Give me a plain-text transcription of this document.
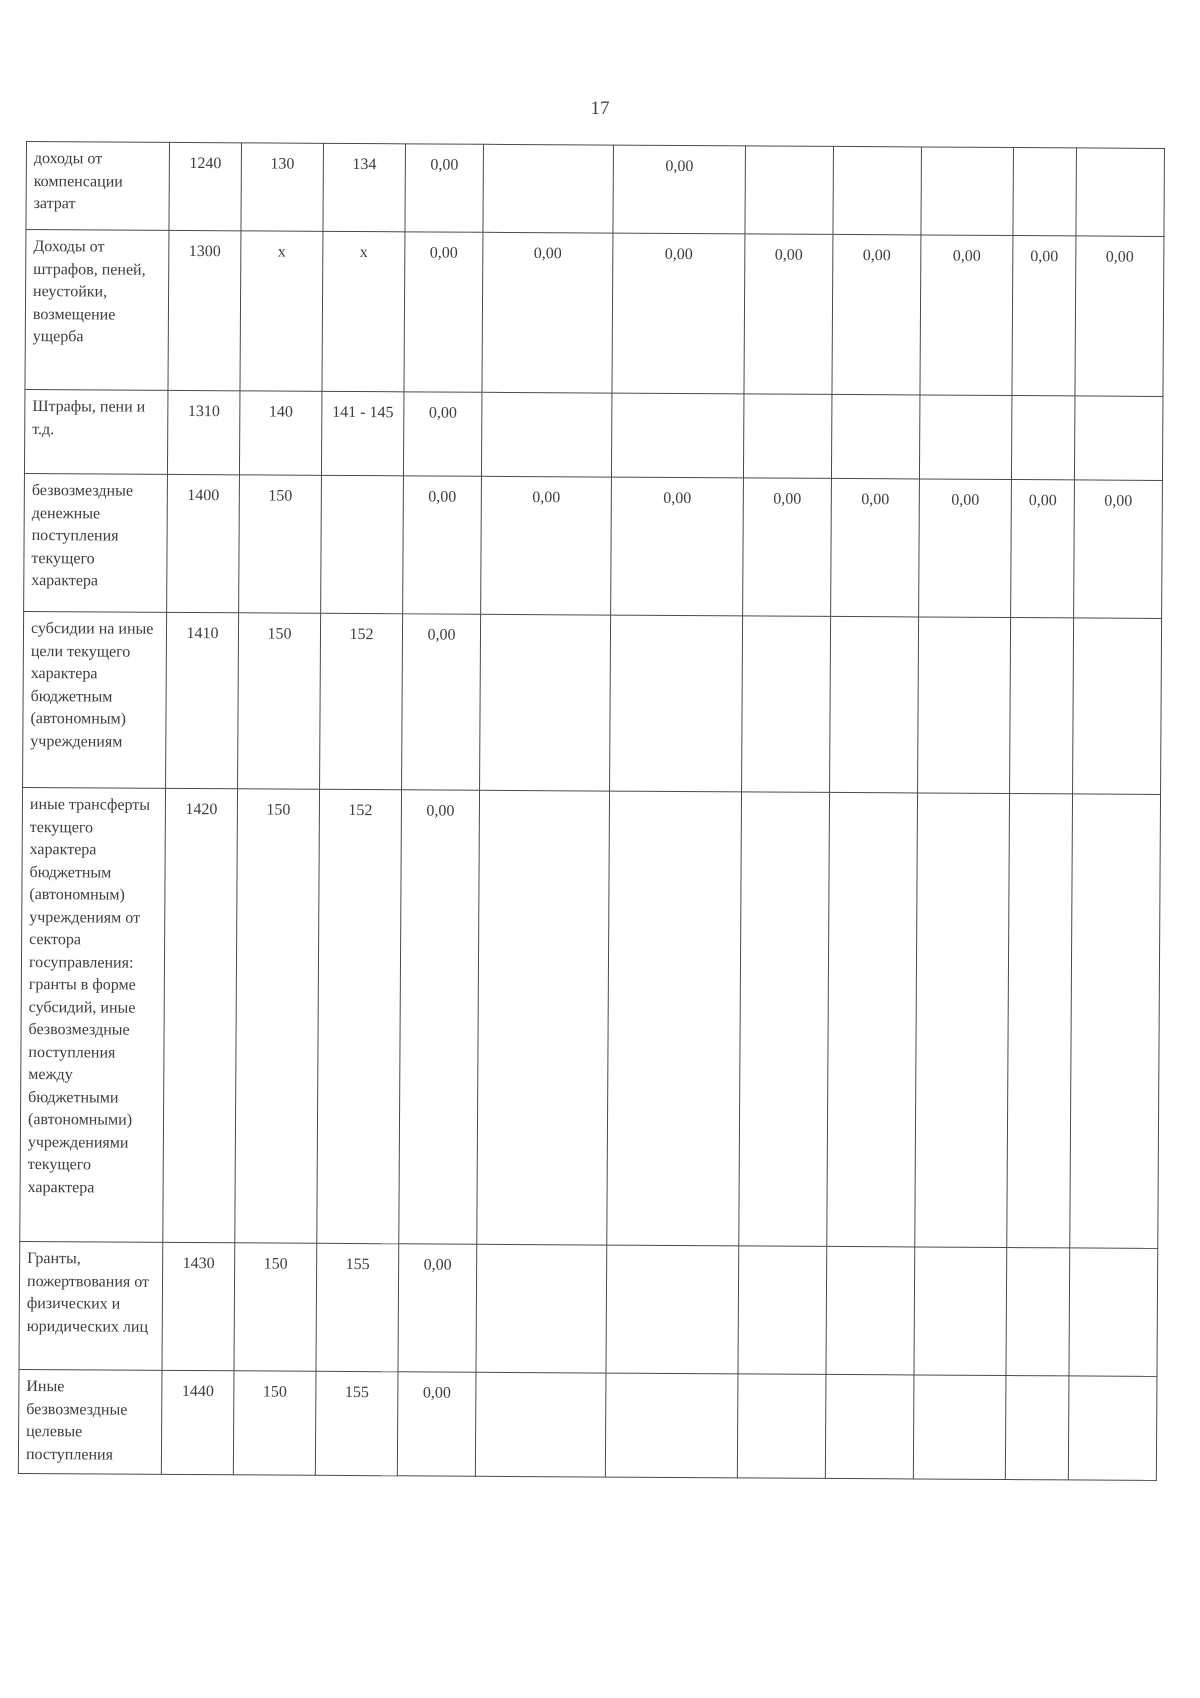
17
доходы от компенсации затрат	1240	130	134	0,00		0,00					
Доходы от штрафов, пеней, неустойки, возмещение ущерба	1300	x	x	0,00	0,00	0,00	0,00	0,00	0,00	0,00	0,00
Штрафы, пени и т.д.	1310	140	141 - 145	0,00							
безвозмездные денежные поступления текущего характера	1400	150		0,00	0,00	0,00	0,00	0,00	0,00	0,00	0,00
субсидии на иные цели текущего характера бюджетным (автономным) учреждениям	1410	150	152	0,00							
иные трансферты текущего характера бюджетным (автономным) учреждениям от сектора госуправления: гранты в форме субсидий, иные безвозмездные поступления между бюджетными (автономными) учреждениями текущего характера	1420	150	152	0,00							
Гранты, пожертвования от физических и юридических лиц	1430	150	155	0,00							
Иные безвозмездные целевые поступления	1440	150	155	0,00							
